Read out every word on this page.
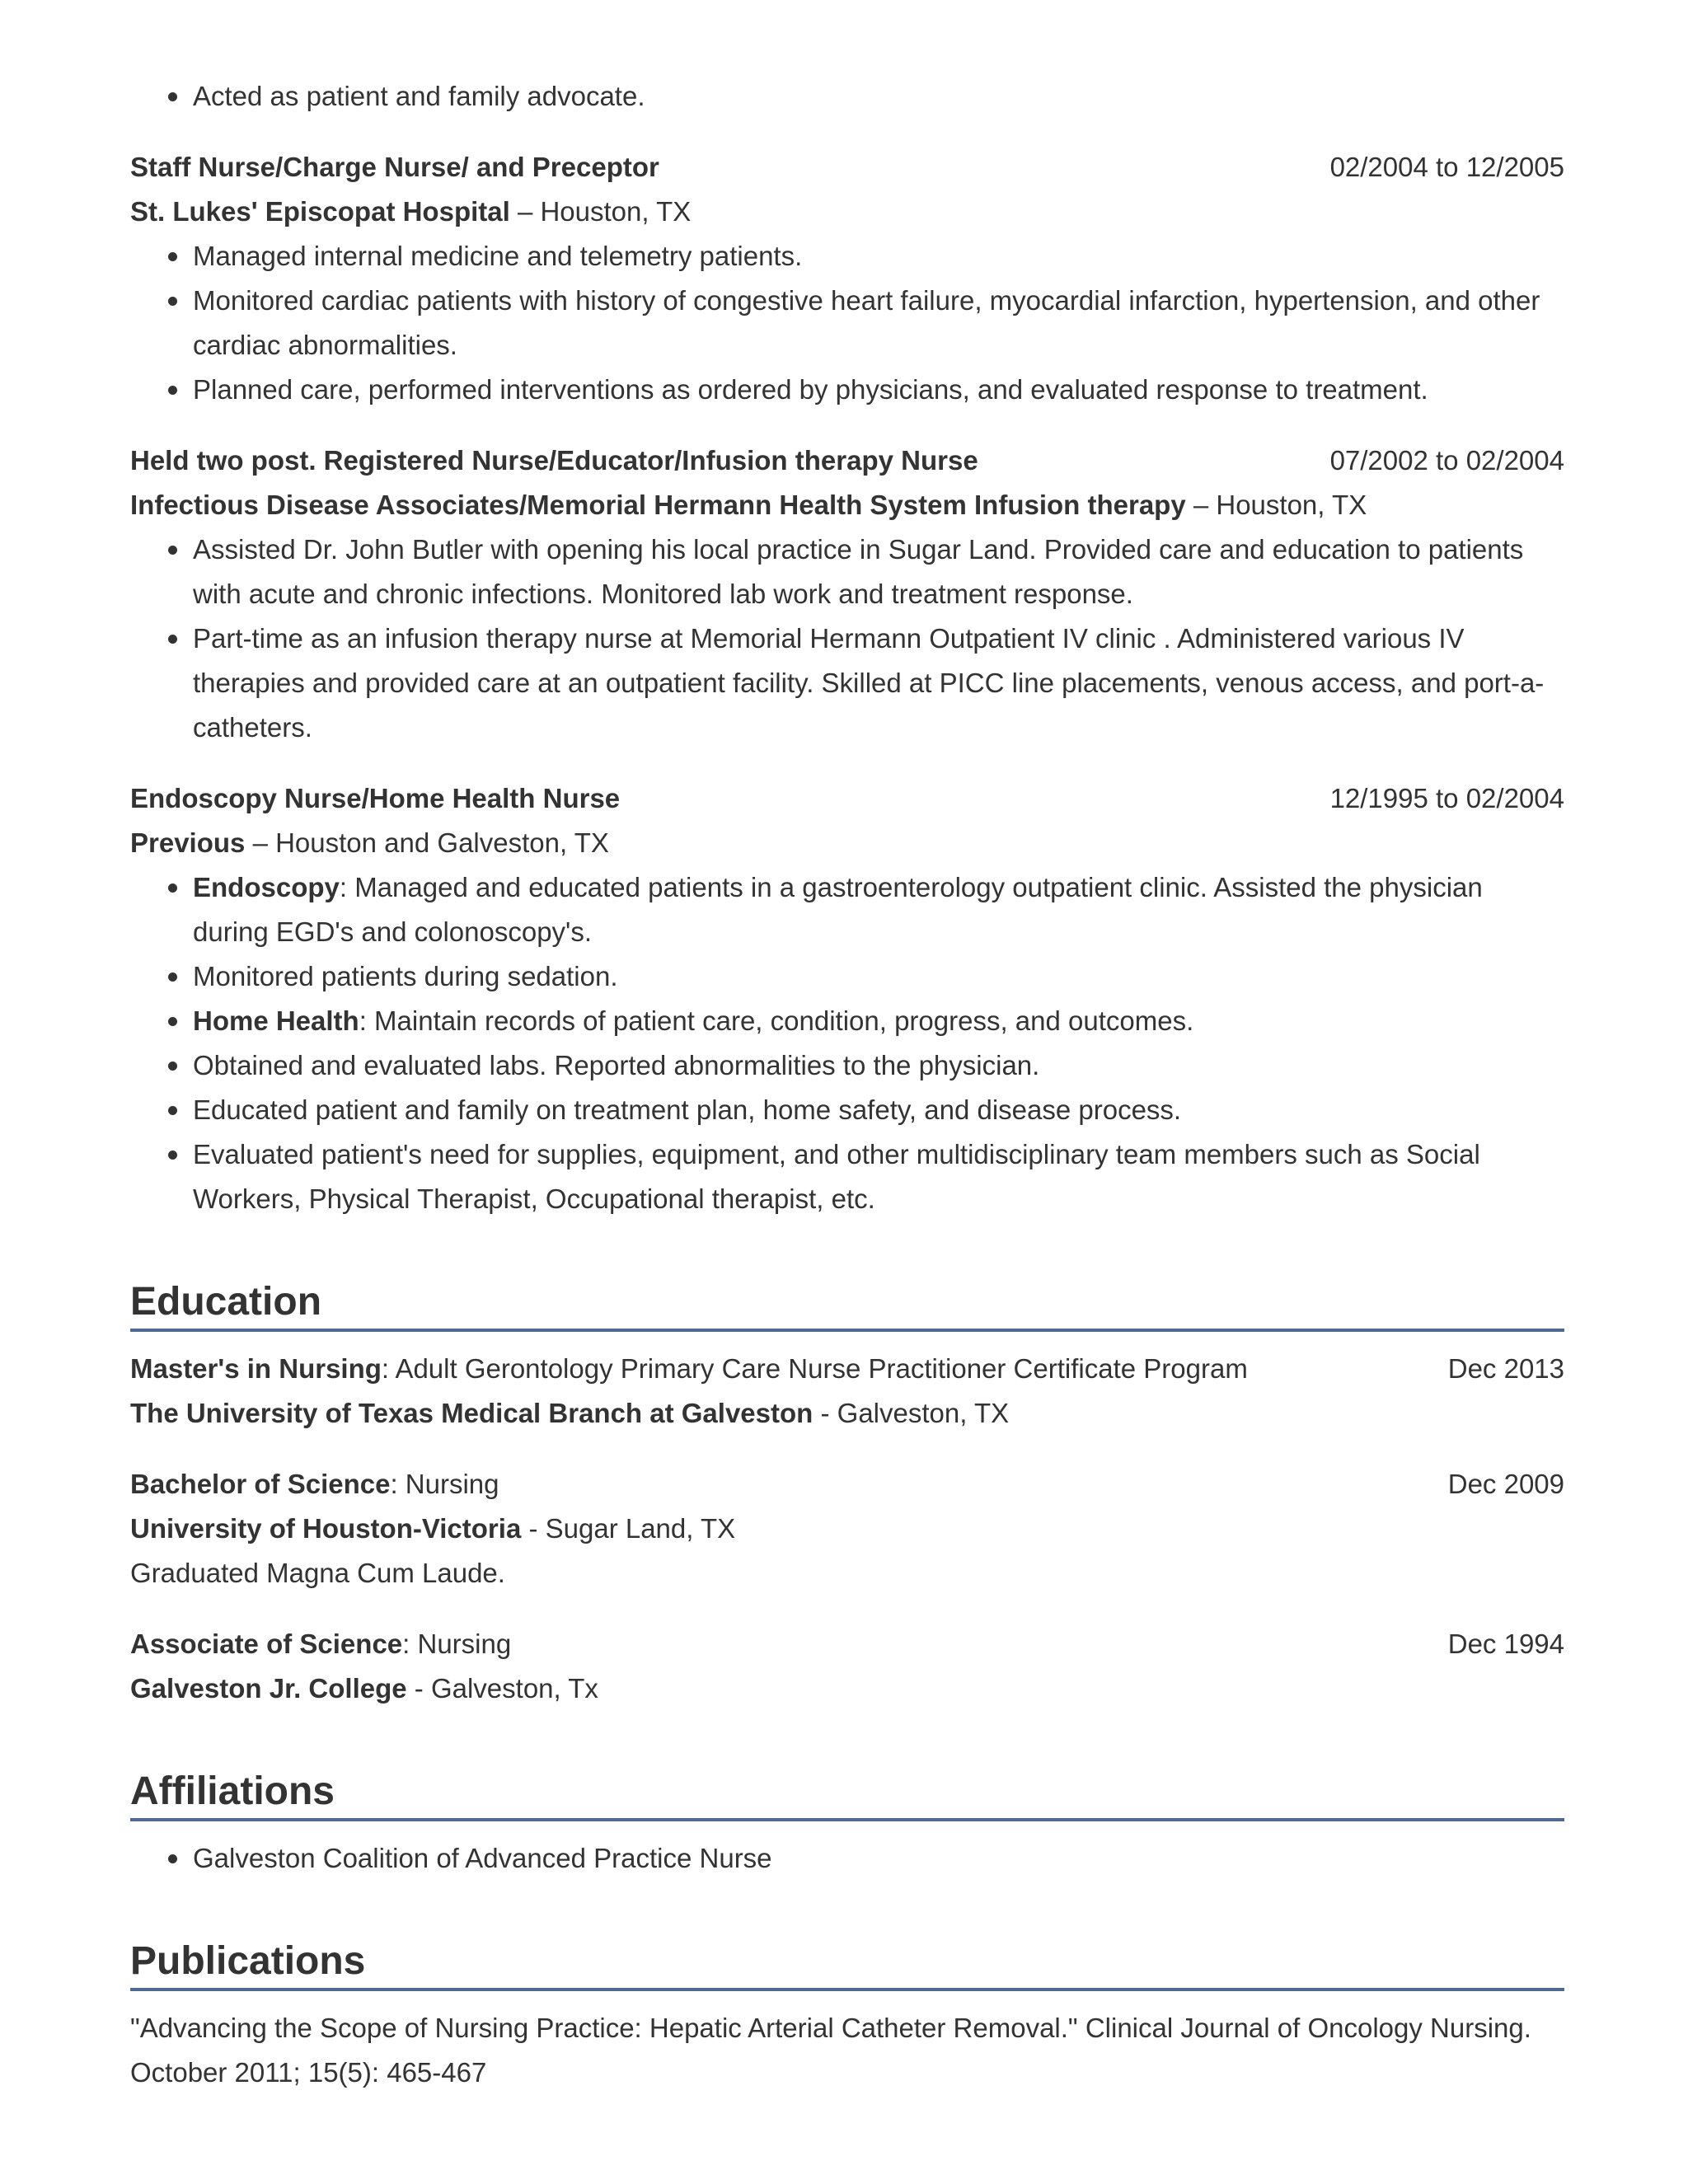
Acted as patient and family advocate.
Staff Nurse/Charge Nurse/ and Preceptor	02/2004 to 12/2005
St. Lukes' Episcopat Hospital – Houston, TX
Managed internal medicine and telemetry patients.
Monitored cardiac patients with history of congestive heart failure, myocardial infarction, hypertension, and other cardiac abnormalities.
Planned care, performed interventions as ordered by physicians, and evaluated response to treatment.
Held two post. Registered Nurse/Educator/Infusion therapy Nurse	07/2002 to 02/2004
Infectious Disease Associates/Memorial Hermann Health System Infusion therapy – Houston, TX
Assisted Dr. John Butler with opening his local practice in Sugar Land. Provided care and education to patients with acute and chronic infections. Monitored lab work and treatment response.
Part-time as an infusion therapy nurse at Memorial Hermann Outpatient IV clinic . Administered various IV therapies and provided care at an outpatient facility. Skilled at PICC line placements, venous access, and port-a-catheters.
Endoscopy Nurse/Home Health Nurse	12/1995 to 02/2004
Previous – Houston and Galveston, TX
Endoscopy: Managed and educated patients in a gastroenterology outpatient clinic. Assisted the physician during EGD's and colonoscopy's.
Monitored patients during sedation.
Home Health: Maintain records of patient care, condition, progress, and outcomes.
Obtained and evaluated labs. Reported abnormalities to the physician.
Educated patient and family on treatment plan, home safety, and disease process.
Evaluated patient's need for supplies, equipment, and other multidisciplinary team members such as Social Workers, Physical Therapist, Occupational therapist, etc.
Education
Master's in Nursing: Adult Gerontology Primary Care Nurse Practitioner Certificate Program	Dec 2013
The University of Texas Medical Branch at Galveston - Galveston, TX
Bachelor of Science: Nursing	Dec 2009
University of Houston-Victoria - Sugar Land, TX
Graduated Magna Cum Laude.
Associate of Science: Nursing	Dec 1994
Galveston Jr. College - Galveston, Tx
Affiliations
Galveston Coalition of Advanced Practice Nurse
Publications
"Advancing the Scope of Nursing Practice: Hepatic Arterial Catheter Removal." Clinical Journal of Oncology Nursing. October 2011; 15(5): 465-467
